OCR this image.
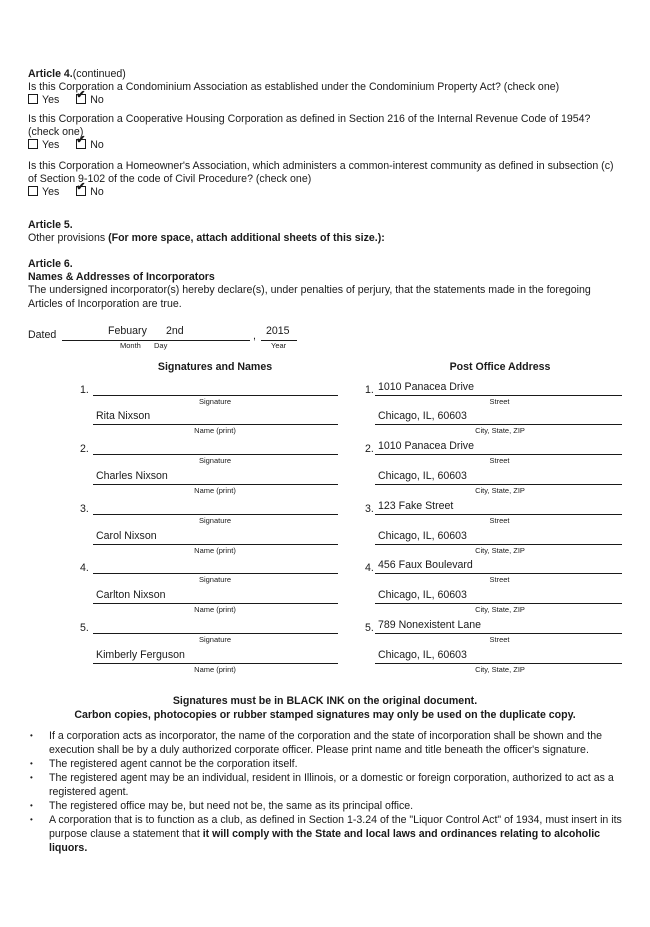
Article 4.(continued)
Is this Corporation a Condominium Association as established under the Condominium Property Act? (check one)
Yes ✔	No
Is this Corporation a Cooperative Housing Corporation as defined in Section 216 of the Internal Revenue Code of 1954? (check one)
Yes ✔	No
Is this Corporation a Homeowner's Association, which administers a common-interest community as defined in subsection (c) of Section 9-102 of the code of Civil Procedure? (check one)
Yes ✔	No
Article 5.
Other provisions (For more space, attach additional sheets of this size.):
Article 6.
Names & Addresses of Incorporators
The undersigned incorporator(s) hereby declare(s), under penalties of perjury, that the statements made in the foregoing Articles of Incorporation are true.
Dated	Febuary 2nd
Month Day
, 2015
Year
Signatures and Names	Post Office Address
1.
Signature
Rita Nixson
Name (print)
1. 1010 Panacea Drive
Street
Chicago, IL, 60603
City, State, ZIP
2.
Signature
Charles Nixson
Name (print)
2. 1010 Panacea Drive
Street
Chicago, IL, 60603
City, State, ZIP
3.
Signature
Carol Nixson
Name (print)
3. 123 Fake Street
Street
Chicago, IL, 60603
City, State, ZIP
4.
Signature
Carlton Nixson
Name (print)
4. 456 Faux Boulevard
Street
Chicago, IL, 60603
City, State, ZIP
5.
Signature
Kimberly Ferguson
Name (print)
5. 789 Nonexistent Lane
Street
Chicago, IL, 60603
City, State, ZIP
Signatures must be in BLACK INK on the original document.
Carbon copies, photocopies or rubber stamped signatures may only be used on the duplicate copy.
• If a corporation acts as incorporator, the name of the corporation and the state of incorporation shall be shown and the execution shall be by a duly authorized corporate officer. Please print name and title beneath the officer's signature.
• The registered agent cannot be the corporation itself.
• The registered agent may be an individual, resident in Illinois, or a domestic or foreign corporation, authorized to act as a registered agent.
• The registered office may be, but need not be, the same as its principal office.
• A corporation that is to function as a club, as defined in Section 1-3.24 of the "Liquor Control Act" of 1934, must insert in its purpose clause a statement that it will comply with the State and local laws and ordinances relating to alcoholic liquors.
